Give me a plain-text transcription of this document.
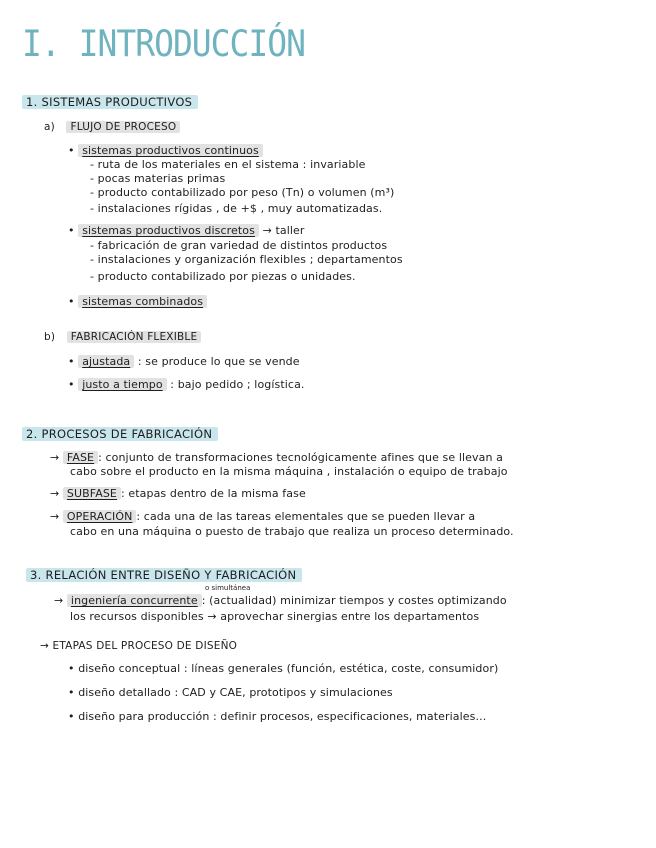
I. INTRODUCCIÓN
1. SISTEMAS PRODUCTIVOS
a) FLUJO DE PROCESO
• sistemas productivos continuos
- ruta de los materiales en el sistema : invariable
- pocas materias primas
- producto contabilizado por peso (Tn) o volumen (m³)
- instalaciones rígidas , de +$ , muy automatizadas.
• sistemas productivos discretos → taller
- fabricación de gran variedad de distintos productos
- instalaciones y organización flexibles ; departamentos
- producto contabilizado por piezas o unidades.
• sistemas combinados
b) FABRICACIÓN FLEXIBLE
• ajustada : se produce lo que se vende
• justo a tiempo : bajo pedido ; logística.
2. PROCESOS DE FABRICACIÓN
→ FASE : conjunto de transformaciones tecnológicamente afines que se llevan a
cabo sobre el producto en la misma máquina , instalación o equipo de trabajo
→ SUBFASE : etapas dentro de la misma fase
→ OPERACIÓN : cada una de las tareas elementales que se pueden llevar a
cabo en una máquina o puesto de trabajo que realiza un proceso determinado.
3. RELACIÓN ENTRE DISEÑO Y FABRICACIÓN
o simultánea
→ ingeniería concurrente : (actualidad) minimizar tiempos y costes optimizando
los recursos disponibles → aprovechar sinergias entre los departamentos
→ ETAPAS DEL PROCESO DE DISEÑO
• diseño conceptual : líneas generales (función, estética, coste, consumidor)
• diseño detallado : CAD y CAE, prototipos y simulaciones
• diseño para producción : definir procesos, especificaciones, materiales...
